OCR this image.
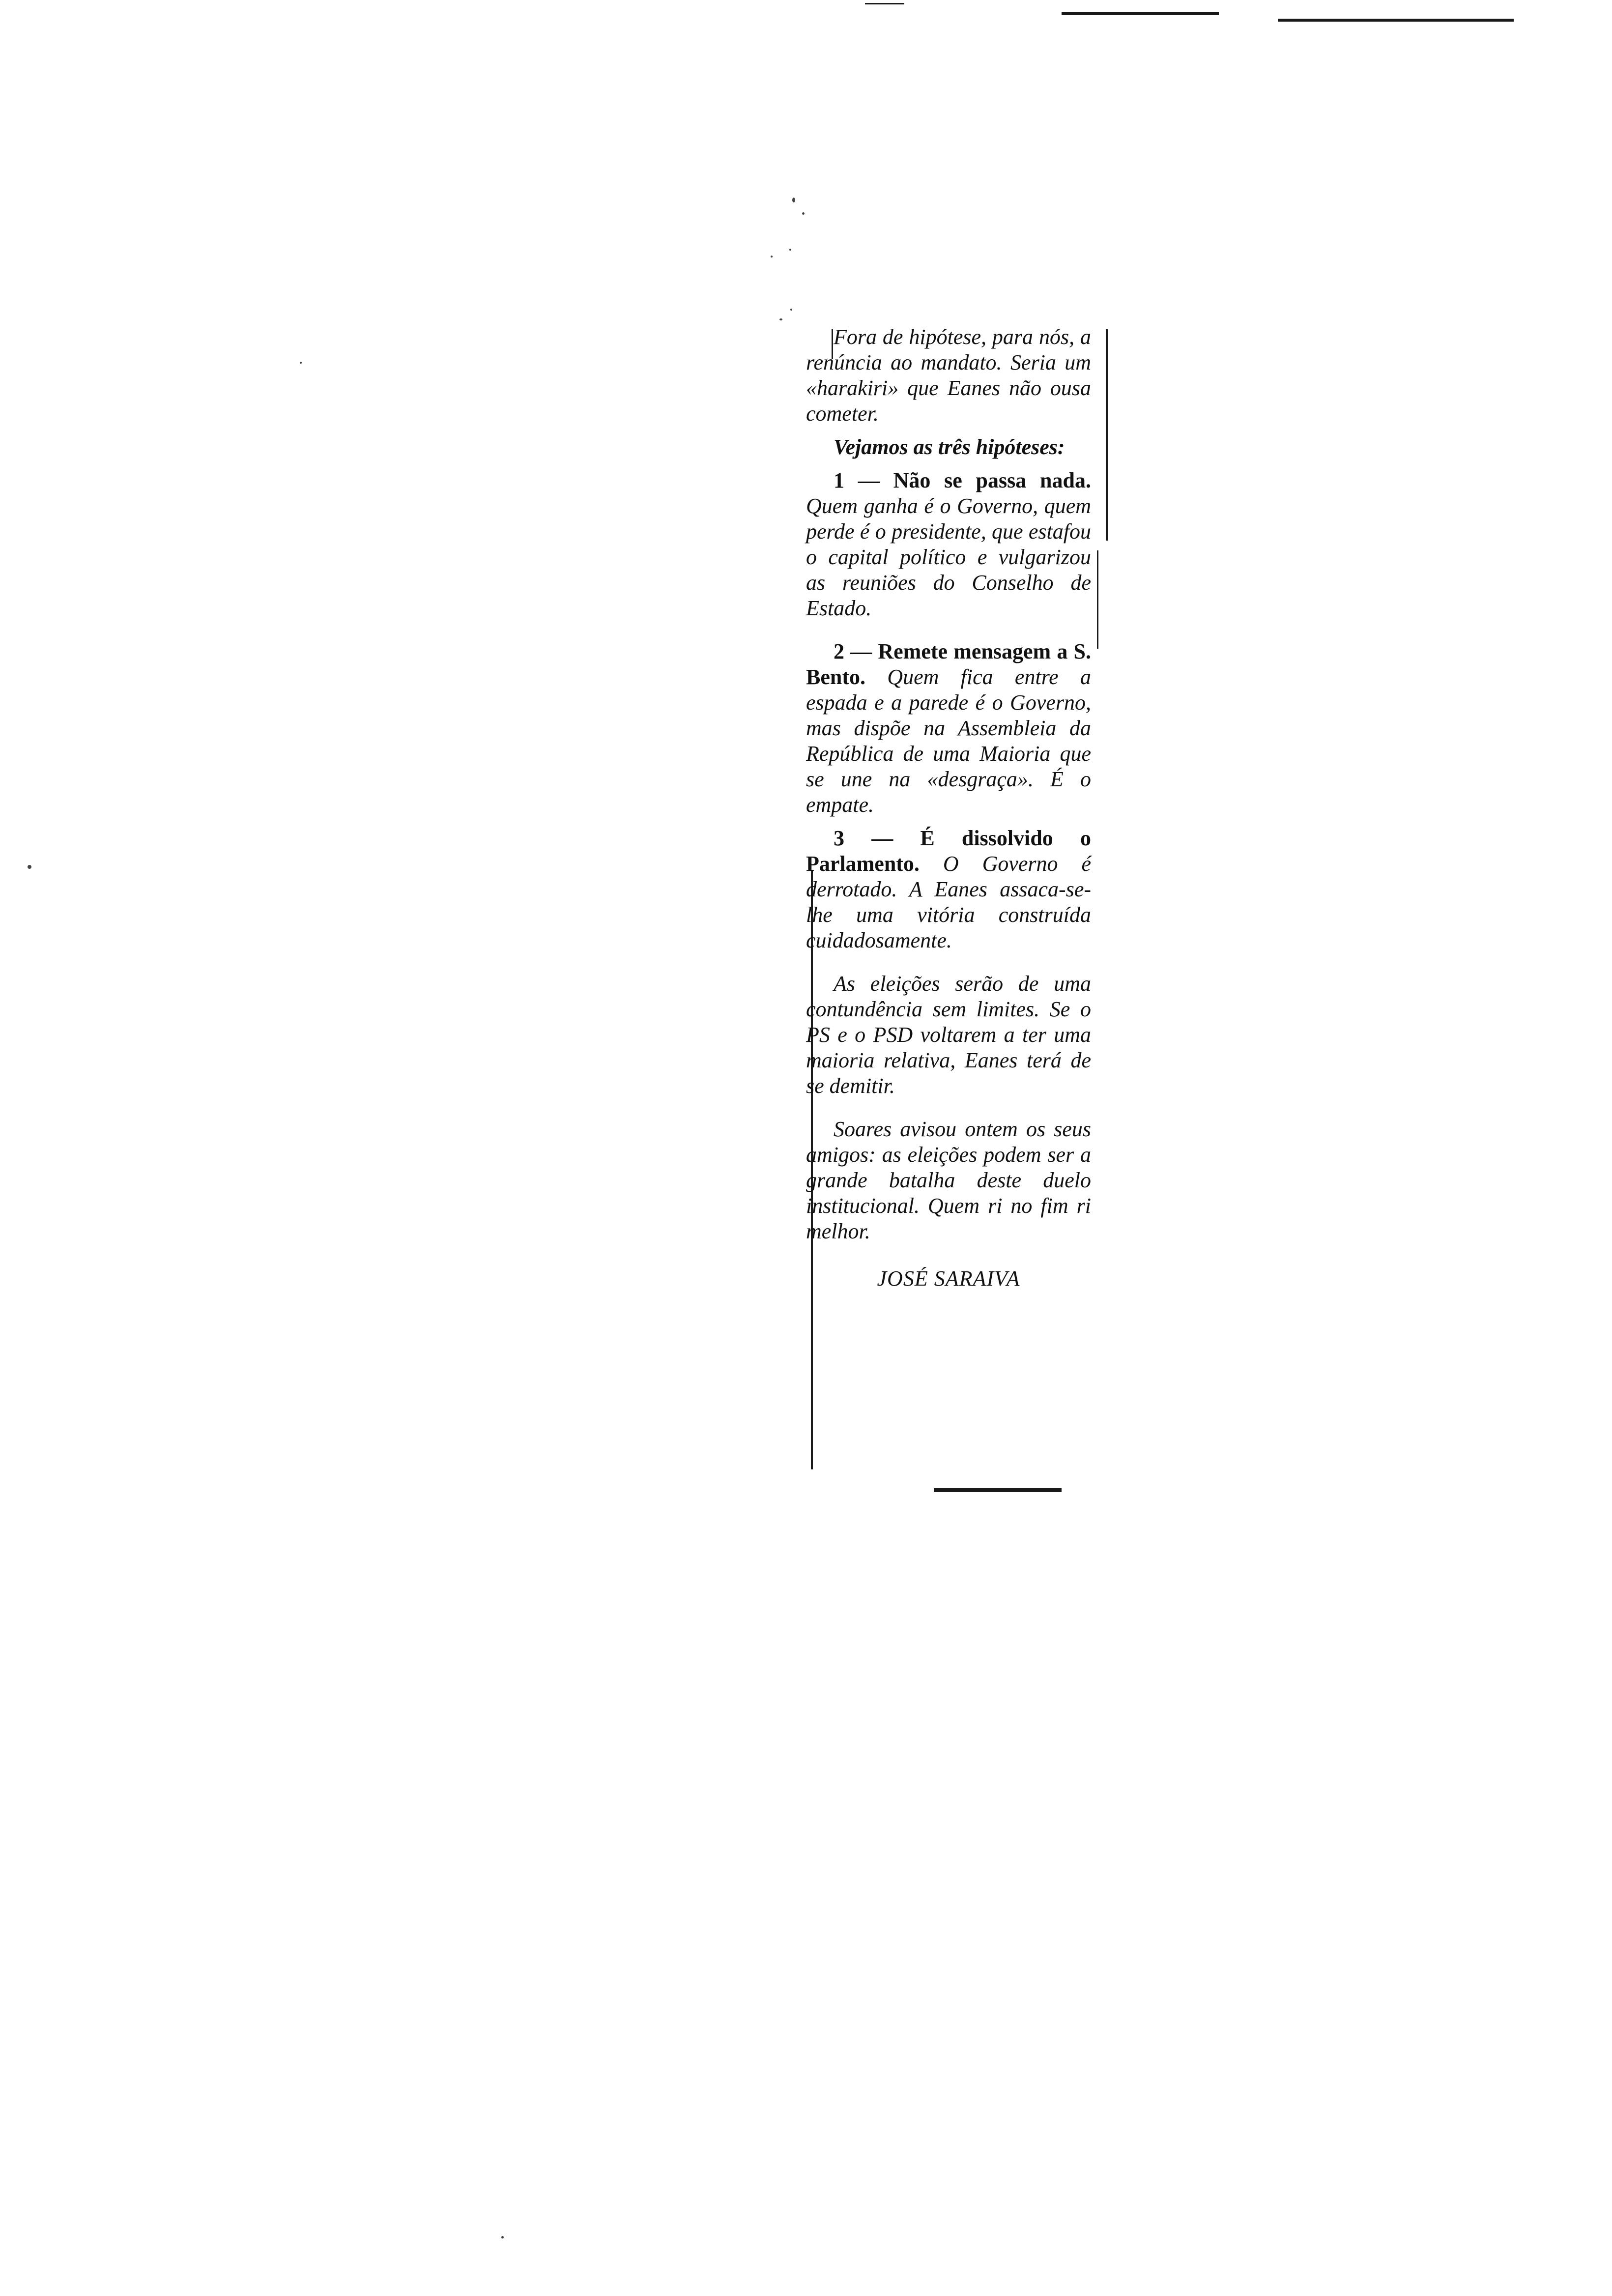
Fora de hipótese, para nós, a renúncia ao mandato. Seria um «harakiri» que Eanes não ousa cometer.

Vejamos as três hipóteses:

1 — Não se passa nada. Quem ganha é o Governo, quem perde é o presidente, que estafou o capital político e vulgarizou as reuniões do Conselho de Estado.

2 — Remete mensagem a S. Bento. Quem fica entre a espada e a parede é o Governo, mas dispõe na Assembleia da República de uma Maioria que se une na «desgraça». É o empate.

3 — É dissolvido o Parlamento. O Governo é derrotado. A Eanes assaca-se-lhe uma vitória construída cuidadosamente.

As eleições serão de uma contundência sem limites. Se o PS e o PSD voltarem a ter uma maioria relativa, Eanes terá de se demitir.

Soares avisou ontem os seus amigos: as eleições podem ser a grande batalha deste duelo institucional. Quem ri no fim ri melhor.

JOSÉ SARAIVA
